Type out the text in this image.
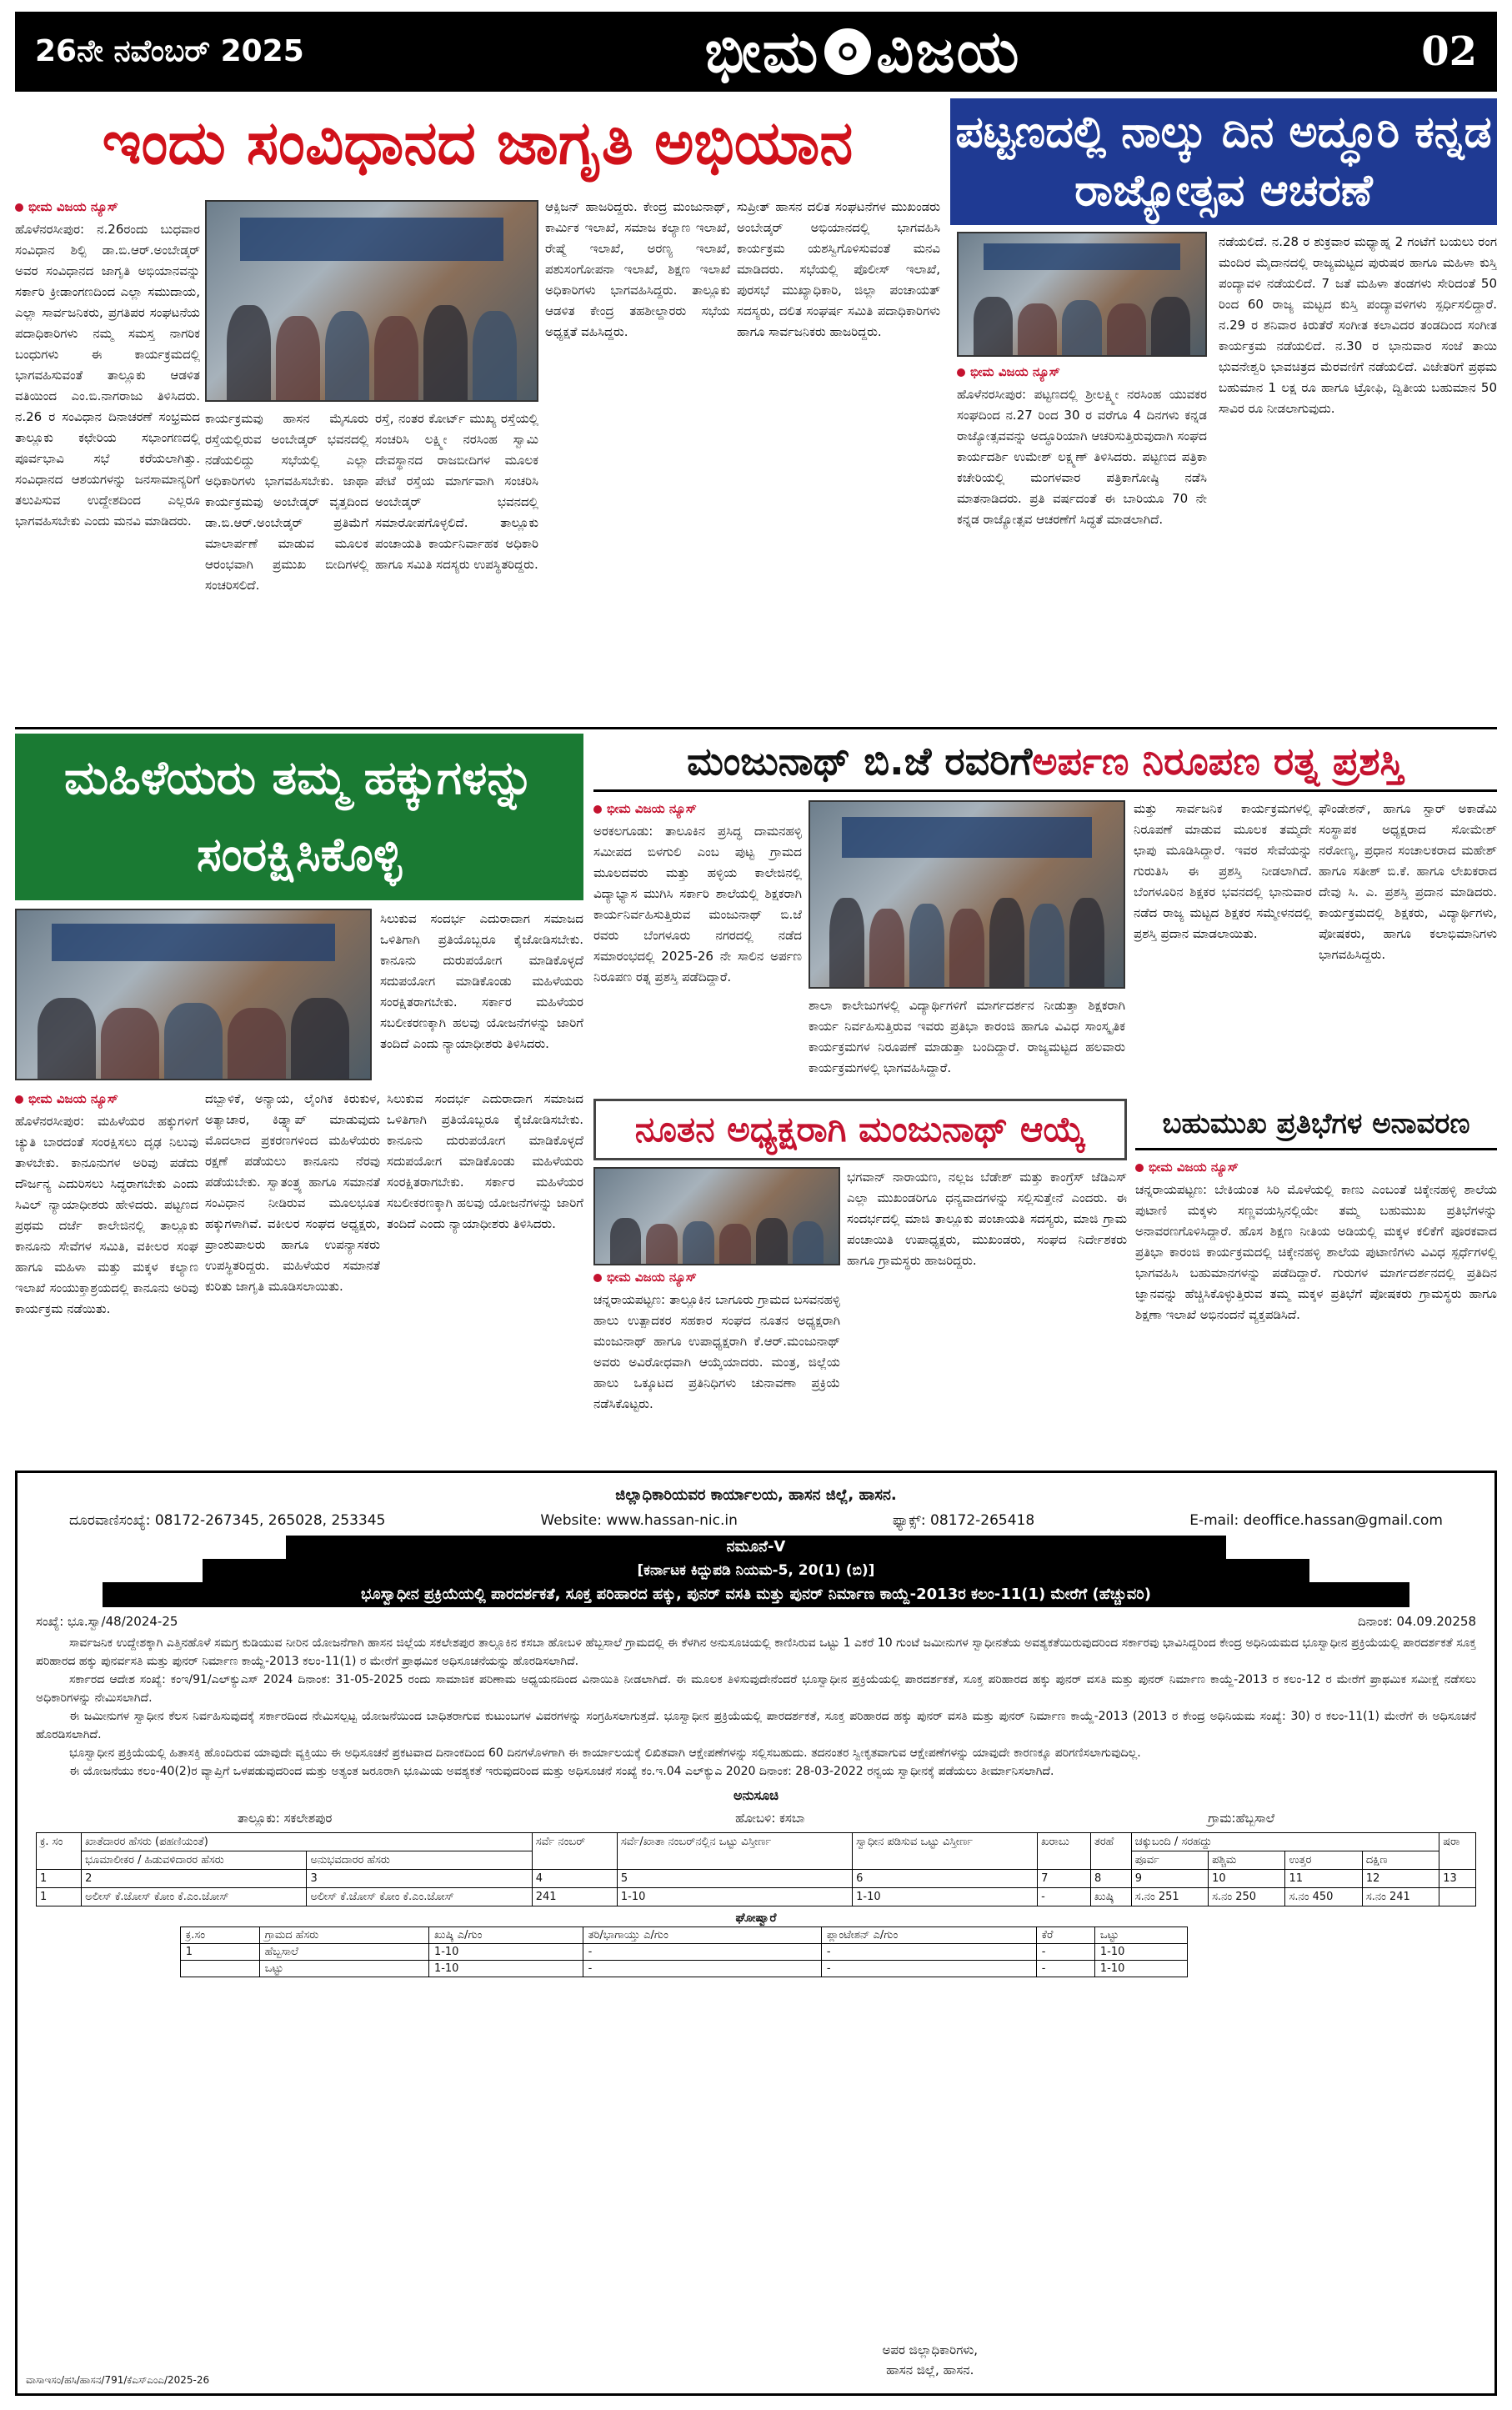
26ನೇ ನವೆಂಬರ್ 2025	ಭೀಮ ವಿಜಯ	02
ಇಂದು ಸಂವಿಧಾನದ ಜಾಗೃತಿ ಅಭಿಯಾನ
ಭೀಮ ವಿಜಯ ನ್ಯೂಸ್
ಹೊಳೆನರಸೀಪುರ: ನ.26ರಂದು ಬುಧವಾರ ಸಂವಿಧಾನ ಶಿಲ್ಪಿ ಡಾ.ಬಿ.ಆರ್.ಅಂಬೇಡ್ಕರ್ ಅವರ ಸಂವಿಧಾನದ ಜಾಗೃತಿ ಅಭಿಯಾನವನ್ನು ಸರ್ಕಾರಿ ಕ್ರೀಡಾಂಗಣದಿಂದ ಎಲ್ಲಾ ಸಮುದಾಯ, ಎಲ್ಲಾ ಸಾರ್ವಜನಿಕರು, ಪ್ರಗತಿಪರ ಸಂಘಟನೆಯ ಪದಾಧಿಕಾರಿಗಳು ನಮ್ಮ ಸಮಸ್ತ ನಾಗರಿಕ ಬಂಧುಗಳು ಈ ಕಾರ್ಯಕ್ರಮದಲ್ಲಿ ಭಾಗವಹಿಸುವಂತೆ ತಾಲ್ಲೂಕು ಆಡಳಿತ ವತಿಯಿಂದ ಎಂ.ಬಿ.ನಾಗರಾಜು ತಿಳಿಸಿದರು. ನ.26 ರ ಸಂವಿಧಾನ ದಿನಾಚರಣೆ ಸಂಭ್ರಮದ ತಾಲ್ಲೂಕು ಕಛೇರಿಯ ಸಭಾಂಗಣದಲ್ಲಿ ಪೂರ್ವಭಾವಿ ಸಭೆ ಕರೆಯಲಾಗಿತ್ತು. ಸಂವಿಧಾನದ ಆಶಯಗಳನ್ನು ಜನಸಾಮಾನ್ಯರಿಗೆ ತಲುಪಿಸುವ ಉದ್ದೇಶದಿಂದ ಎಲ್ಲರೂ ಭಾಗವಹಿಸಬೇಕು ಎಂದು ಮನವಿ ಮಾಡಿದರು.
ಕಾರ್ಯಕ್ರಮವು ಹಾಸನ ಮೈಸೂರು ರಸ್ತೆಯಲ್ಲಿರುವ ಅಂಬೇಡ್ಕರ್ ಭವನದಲ್ಲಿ ನಡೆಯಲಿದ್ದು ಸಭೆಯಲ್ಲಿ ಎಲ್ಲಾ ಅಧಿಕಾರಿಗಳು ಭಾಗವಹಿಸಬೇಕು. ಜಾಥಾ ಕಾರ್ಯಕ್ರಮವು ಅಂಬೇಡ್ಕರ್ ವೃತ್ತದಿಂದ ಡಾ.ಬಿ.ಆರ್.ಅಂಬೇಡ್ಕರ್ ಪ್ರತಿಮೆಗೆ ಮಾಲಾರ್ಪಣೆ ಮಾಡುವ ಮೂಲಕ ಆರಂಭವಾಗಿ ಪ್ರಮುಖ ಬೀದಿಗಳಲ್ಲಿ ಸಂಚರಿಸಲಿದೆ.
ರಸ್ತೆ, ನಂತರ ಕೋರ್ಟ್ ಮುಖ್ಯ ರಸ್ತೆಯಲ್ಲಿ ಸಂಚರಿಸಿ ಲಕ್ಷ್ಮೀ ನರಸಿಂಹ ಸ್ವಾಮಿ ದೇವಸ್ಥಾನದ ರಾಜಬೀದಿಗಳ ಮೂಲಕ ಪೇಟೆ ರಸ್ತೆಯ ಮಾರ್ಗವಾಗಿ ಸಂಚರಿಸಿ ಅಂಬೇಡ್ಕರ್ ಭವನದಲ್ಲಿ ಸಮಾರೋಪಗೊಳ್ಳಲಿದೆ. ತಾಲ್ಲೂಕು ಪಂಚಾಯತಿ ಕಾರ್ಯನಿರ್ವಾಹಕ ಅಧಿಕಾರಿ ಹಾಗೂ ಸಮಿತಿ ಸದಸ್ಯರು ಉಪಸ್ಥಿತರಿದ್ದರು.
ಆಕ್ಸಿಜನ್ ಹಾಜರಿದ್ದರು. ಕೇಂದ್ರ ಮಂಜುನಾಥ್, ಕಾರ್ಮಿಕ ಇಲಾಖೆ, ಸಮಾಜ ಕಲ್ಯಾಣ ಇಲಾಖೆ, ರೇಷ್ಮೆ ಇಲಾಖೆ, ಅರಣ್ಯ ಇಲಾಖೆ, ಪಶುಸಂಗೋಪನಾ ಇಲಾಖೆ, ಶಿಕ್ಷಣ ಇಲಾಖೆ ಅಧಿಕಾರಿಗಳು ಭಾಗವಹಿಸಿದ್ದರು. ತಾಲ್ಲೂಕು ಆಡಳಿತ ಕೇಂದ್ರ ತಹಶೀಲ್ದಾರರು ಸಭೆಯ ಅಧ್ಯಕ್ಷತೆ ವಹಿಸಿದ್ದರು.
ಸುಪ್ರೀತ್ ಹಾಸನ ದಲಿತ ಸಂಘಟನೆಗಳ ಮುಖಂಡರು ಅಂಬೇಡ್ಕರ್ ಅಭಿಯಾನದಲ್ಲಿ ಭಾಗವಹಿಸಿ ಕಾರ್ಯಕ್ರಮ ಯಶಸ್ವಿಗೊಳಿಸುವಂತೆ ಮನವಿ ಮಾಡಿದರು. ಸಭೆಯಲ್ಲಿ ಪೊಲೀಸ್ ಇಲಾಖೆ, ಪುರಸಭೆ ಮುಖ್ಯಾಧಿಕಾರಿ, ಜಿಲ್ಲಾ ಪಂಚಾಯತ್ ಸದಸ್ಯರು, ದಲಿತ ಸಂಘರ್ಷ ಸಮಿತಿ ಪದಾಧಿಕಾರಿಗಳು ಹಾಗೂ ಸಾರ್ವಜನಿಕರು ಹಾಜರಿದ್ದರು.
ಪಟ್ಟಣದಲ್ಲಿ ನಾಲ್ಕು ದಿನ ಅದ್ಧೂರಿ ಕನ್ನಡ ರಾಜ್ಯೋತ್ಸವ ಆಚರಣೆ
ಭೀಮ ವಿಜಯ ನ್ಯೂಸ್
ಹೊಳೆನರಸೀಪುರ: ಪಟ್ಟಣದಲ್ಲಿ ಶ್ರೀಲಕ್ಷ್ಮೀ ನರಸಿಂಹ ಯುವಕರ ಸಂಘದಿಂದ ನ.27 ರಿಂದ 30 ರ ವರೆಗೂ 4 ದಿನಗಳು ಕನ್ನಡ ರಾಜ್ಯೋತ್ಸವವನ್ನು ಅದ್ಧೂರಿಯಾಗಿ ಆಚರಿಸುತ್ತಿರುವುದಾಗಿ ಸಂಘದ ಕಾರ್ಯದರ್ಶಿ ಉಮೇಶ್ ಲಕ್ಷ್ಮಣ್ ತಿಳಿಸಿದರು. ಪಟ್ಟಣದ ಪತ್ರಿಕಾ ಕಚೇರಿಯಲ್ಲಿ ಮಂಗಳವಾರ ಪತ್ರಿಕಾಗೋಷ್ಠಿ ನಡೆಸಿ ಮಾತನಾಡಿದರು. ಪ್ರತಿ ವರ್ಷದಂತೆ ಈ ಬಾರಿಯೂ 70 ನೇ ಕನ್ನಡ ರಾಜ್ಯೋತ್ಸವ ಆಚರಣೆಗೆ ಸಿದ್ಧತೆ ಮಾಡಲಾಗಿದೆ.
ನಡೆಯಲಿದೆ. ನ.28 ರ ಶುಕ್ರವಾರ ಮಧ್ಯಾಹ್ನ 2 ಗಂಟೆಗೆ ಬಯಲು ರಂಗ ಮಂದಿರ ಮೈದಾನದಲ್ಲಿ ರಾಜ್ಯಮಟ್ಟದ ಪುರುಷರ ಹಾಗೂ ಮಹಿಳಾ ಕುಸ್ತಿ ಪಂದ್ಯಾವಳಿ ನಡೆಯಲಿದೆ. 7 ಜತೆ ಮಹಿಳಾ ತಂಡಗಳು ಸೇರಿದಂತೆ 50 ರಿಂದ 60 ರಾಜ್ಯ ಮಟ್ಟದ ಕುಸ್ತಿ ಪಂದ್ಯಾವಳಿಗಳು ಸ್ಪರ್ಧಿಸಲಿದ್ದಾರೆ. ನ.29 ರ ಶನಿವಾರ ಕಿರುತೆರೆ ಸಂಗೀತ ಕಲಾವಿದರ ತಂಡದಿಂದ ಸಂಗೀತ ಕಾರ್ಯಕ್ರಮ ನಡೆಯಲಿದೆ. ನ.30 ರ ಭಾನುವಾರ ಸಂಜೆ ತಾಯಿ ಭುವನೇಶ್ವರಿ ಭಾವಚಿತ್ರದ ಮೆರವಣಿಗೆ ನಡೆಯಲಿದೆ. ವಿಜೇತರಿಗೆ ಪ್ರಥಮ ಬಹುಮಾನ 1 ಲಕ್ಷ ರೂ ಹಾಗೂ ಟ್ರೋಫಿ, ದ್ವಿತೀಯ ಬಹುಮಾನ 50 ಸಾವಿರ ರೂ ನೀಡಲಾಗುವುದು.
ಮಹಿಳೆಯರು ತಮ್ಮ ಹಕ್ಕುಗಳನ್ನು ಸಂರಕ್ಷಿಸಿಕೊಳ್ಳಿ
ಸಿಲುಕುವ ಸಂದರ್ಭ ಎದುರಾದಾಗ ಸಮಾಜದ ಒಳಿತಿಗಾಗಿ ಪ್ರತಿಯೊಬ್ಬರೂ ಕೈಜೋಡಿಸಬೇಕು. ಕಾನೂನು ದುರುಪಯೋಗ ಮಾಡಿಕೊಳ್ಳದೆ ಸದುಪಯೋಗ ಮಾಡಿಕೊಂಡು ಮಹಿಳೆಯರು ಸಂರಕ್ಷಿತರಾಗಬೇಕು. ಸರ್ಕಾರ ಮಹಿಳೆಯರ ಸಬಲೀಕರಣಕ್ಕಾಗಿ ಹಲವು ಯೋಜನೆಗಳನ್ನು ಜಾರಿಗೆ ತಂದಿದೆ ಎಂದು ನ್ಯಾಯಾಧೀಶರು ತಿಳಿಸಿದರು.
ಭೀಮ ವಿಜಯ ನ್ಯೂಸ್
ಹೊಳೆನರಸೀಪುರ: ಮಹಿಳೆಯರ ಹಕ್ಕುಗಳಿಗೆ ಚ್ಯುತಿ ಬಾರದಂತೆ ಸಂರಕ್ಷಿಸಲು ದೃಢ ನಿಲುವು ತಾಳಬೇಕು. ಕಾನೂನುಗಳ ಅರಿವು ಪಡೆದು ದೌರ್ಜನ್ಯ ಎದುರಿಸಲು ಸಿದ್ಧರಾಗಬೇಕು ಎಂದು ಸಿವಿಲ್ ನ್ಯಾಯಾಧೀಶರು ಹೇಳಿದರು. ಪಟ್ಟಣದ ಪ್ರಥಮ ದರ್ಜೆ ಕಾಲೇಜಿನಲ್ಲಿ ತಾಲ್ಲೂಕು ಕಾನೂನು ಸೇವೆಗಳ ಸಮಿತಿ, ವಕೀಲರ ಸಂಘ ಹಾಗೂ ಮಹಿಳಾ ಮತ್ತು ಮಕ್ಕಳ ಕಲ್ಯಾಣ ಇಲಾಖೆ ಸಂಯುಕ್ತಾಶ್ರಯದಲ್ಲಿ ಕಾನೂನು ಅರಿವು ಕಾರ್ಯಕ್ರಮ ನಡೆಯಿತು.
ದಬ್ಬಾಳಿಕೆ, ಅನ್ಯಾಯ, ಲೈಂಗಿಕ ಕಿರುಕುಳ, ಅತ್ಯಾಚಾರ, ಕಿಡ್ನ್ಯಾಪ್ ಮಾಡುವುದು ಮೊದಲಾದ ಪ್ರಕರಣಗಳಿಂದ ಮಹಿಳೆಯರು ರಕ್ಷಣೆ ಪಡೆಯಲು ಕಾನೂನು ನೆರವು ಪಡೆಯಬೇಕು. ಸ್ವಾತಂತ್ರ್ಯ ಹಾಗೂ ಸಮಾನತೆ ಸಂವಿಧಾನ ನೀಡಿರುವ ಮೂಲಭೂತ ಹಕ್ಕುಗಳಾಗಿವೆ. ವಕೀಲರ ಸಂಘದ ಅಧ್ಯಕ್ಷರು, ಪ್ರಾಂಶುಪಾಲರು ಹಾಗೂ ಉಪನ್ಯಾಸಕರು ಉಪಸ್ಥಿತರಿದ್ದರು. ಮಹಿಳೆಯರ ಸಮಾನತೆ ಕುರಿತು ಜಾಗೃತಿ ಮೂಡಿಸಲಾಯಿತು.
ಸಿಲುಕುವ ಸಂದರ್ಭ ಎದುರಾದಾಗ ಸಮಾಜದ ಒಳಿತಿಗಾಗಿ ಪ್ರತಿಯೊಬ್ಬರೂ ಕೈಜೋಡಿಸಬೇಕು. ಕಾನೂನು ದುರುಪಯೋಗ ಮಾಡಿಕೊಳ್ಳದೆ ಸದುಪಯೋಗ ಮಾಡಿಕೊಂಡು ಮಹಿಳೆಯರು ಸಂರಕ್ಷಿತರಾಗಬೇಕು. ಸರ್ಕಾರ ಮಹಿಳೆಯರ ಸಬಲೀಕರಣಕ್ಕಾಗಿ ಹಲವು ಯೋಜನೆಗಳನ್ನು ಜಾರಿಗೆ ತಂದಿದೆ ಎಂದು ನ್ಯಾಯಾಧೀಶರು ತಿಳಿಸಿದರು.
ಮಂಜುನಾಥ್ ಬಿ.ಜೆ ರವರಿಗೆ ಅರ್ಪಣ ನಿರೂಪಣ ರತ್ನ ಪ್ರಶಸ್ತಿ
ಭೀಮ ವಿಜಯ ನ್ಯೂಸ್
ಅರಕಲಗೂಡು: ತಾಲೂಕಿನ ಪ್ರಸಿದ್ಧ ದಾಮನಹಳ್ಳಿ ಸಮೀಪದ ಬಿಳಗುಲಿ ಎಂಬ ಪುಟ್ಟ ಗ್ರಾಮದ ಮೂಲದವರು ಮತ್ತು ಹಳ್ಳಿಯ ಕಾಲೇಜಿನಲ್ಲಿ ವಿದ್ಯಾಭ್ಯಾಸ ಮುಗಿಸಿ ಸರ್ಕಾರಿ ಶಾಲೆಯಲ್ಲಿ ಶಿಕ್ಷಕರಾಗಿ ಕಾರ್ಯನಿರ್ವಹಿಸುತ್ತಿರುವ ಮಂಜುನಾಥ್ ಬಿ.ಜೆ ರವರು ಬೆಂಗಳೂರು ನಗರದಲ್ಲಿ ನಡೆದ ಸಮಾರಂಭದಲ್ಲಿ 2025-26 ನೇ ಸಾಲಿನ ಅರ್ಪಣ ನಿರೂಪಣ ರತ್ನ ಪ್ರಶಸ್ತಿ ಪಡೆದಿದ್ದಾರೆ.
ಶಾಲಾ ಕಾಲೇಜುಗಳಲ್ಲಿ ವಿದ್ಯಾರ್ಥಿಗಳಿಗೆ ಮಾರ್ಗದರ್ಶನ ನೀಡುತ್ತಾ ಶಿಕ್ಷಕರಾಗಿ ಕಾರ್ಯ ನಿರ್ವಹಿಸುತ್ತಿರುವ ಇವರು ಪ್ರತಿಭಾ ಕಾರಂಜಿ ಹಾಗೂ ವಿವಿಧ ಸಾಂಸ್ಕೃತಿಕ ಕಾರ್ಯಕ್ರಮಗಳ ನಿರೂಪಣೆ ಮಾಡುತ್ತಾ ಬಂದಿದ್ದಾರೆ. ರಾಜ್ಯಮಟ್ಟದ ಹಲವಾರು ಕಾರ್ಯಕ್ರಮಗಳಲ್ಲಿ ಭಾಗವಹಿಸಿದ್ದಾರೆ.
ಮತ್ತು ಸಾರ್ವಜನಿಕ ಕಾರ್ಯಕ್ರಮಗಳಲ್ಲಿ ನಿರೂಪಣೆ ಮಾಡುವ ಮೂಲಕ ತಮ್ಮದೇ ಛಾಪು ಮೂಡಿಸಿದ್ದಾರೆ. ಇವರ ಸೇವೆಯನ್ನು ಗುರುತಿಸಿ ಈ ಪ್ರಶಸ್ತಿ ನೀಡಲಾಗಿದೆ. ಬೆಂಗಳೂರಿನ ಶಿಕ್ಷಕರ ಭವನದಲ್ಲಿ ಭಾನುವಾರ ನಡೆದ ರಾಜ್ಯ ಮಟ್ಟದ ಶಿಕ್ಷಕರ ಸಮ್ಮೇಳನದಲ್ಲಿ ಪ್ರಶಸ್ತಿ ಪ್ರದಾನ ಮಾಡಲಾಯಿತು.
ಫೌಂಡೇಶನ್, ಹಾಗೂ ಸ್ಟಾರ್ ಅಕಾಡೆಮಿ ಸಂಸ್ಥಾಪಕ ಅಧ್ಯಕ್ಷರಾದ ಸೋಮೇಶ್ ನರೋಣ್ಯ, ಪ್ರಧಾನ ಸಂಚಾಲಕರಾದ ಮಹೇಶ್ ಹಾಗೂ ಸತೀಶ್ ಬಿ.ಕೆ. ಹಾಗೂ ಲೇಖಕರಾದ ದೇವು ಸಿ. ಎ. ಪ್ರಶಸ್ತಿ ಪ್ರದಾನ ಮಾಡಿದರು. ಕಾರ್ಯಕ್ರಮದಲ್ಲಿ ಶಿಕ್ಷಕರು, ವಿದ್ಯಾರ್ಥಿಗಳು, ಪೋಷಕರು, ಹಾಗೂ ಕಲಾಭಿಮಾನಿಗಳು ಭಾಗವಹಿಸಿದ್ದರು.
ನೂತನ ಅಧ್ಯಕ್ಷರಾಗಿ ಮಂಜುನಾಥ್ ಆಯ್ಕೆ
ಭೀಮ ವಿಜಯ ನ್ಯೂಸ್
ಚನ್ನರಾಯಪಟ್ಟಣ: ತಾಲ್ಲೂಕಿನ ಬಾಗೂರು ಗ್ರಾಮದ ಬಸವನಹಳ್ಳಿ ಹಾಲು ಉತ್ಪಾದಕರ ಸಹಕಾರ ಸಂಘದ ನೂತನ ಅಧ್ಯಕ್ಷರಾಗಿ ಮಂಜುನಾಥ್ ಹಾಗೂ ಉಪಾಧ್ಯಕ್ಷರಾಗಿ ಕೆ.ಆರ್.ಮಂಜುನಾಥ್ ಅವರು ಅವಿರೋಧವಾಗಿ ಆಯ್ಕೆಯಾದರು. ಮಂತ್ರ, ಜಿಲ್ಲೆಯ ಹಾಲು ಒಕ್ಕೂಟದ ಪ್ರತಿನಿಧಿಗಳು ಚುನಾವಣಾ ಪ್ರಕ್ರಿಯೆ ನಡೆಸಿಕೊಟ್ಟರು.
ಭಗವಾನ್ ನಾರಾಯಣ, ನಲ್ಲಜ ಬೆಡೇಶ್ ಮತ್ತು ಕಾಂಗ್ರೆಸ್ ಜೆಡಿಎಸ್ ಎಲ್ಲಾ ಮುಖಂಡರಿಗೂ ಧನ್ಯವಾದಗಳನ್ನು ಸಲ್ಲಿಸುತ್ತೇನೆ ಎಂದರು. ಈ ಸಂದರ್ಭದಲ್ಲಿ ಮಾಜಿ ತಾಲ್ಲೂಕು ಪಂಚಾಯತಿ ಸದಸ್ಯರು, ಮಾಜಿ ಗ್ರಾಮ ಪಂಚಾಯಿತಿ ಉಪಾಧ್ಯಕ್ಷರು, ಮುಖಂಡರು, ಸಂಘದ ನಿರ್ದೇಶಕರು ಹಾಗೂ ಗ್ರಾಮಸ್ಥರು ಹಾಜರಿದ್ದರು.
ಬಹುಮುಖ ಪ್ರತಿಭೆಗಳ ಅನಾವರಣ
ಭೀಮ ವಿಜಯ ನ್ಯೂಸ್
ಚನ್ನರಾಯಪಟ್ಟಣ: ಬೇಕಿಯಂತ ಸಿರಿ ಮೊಳೆಯಲ್ಲಿ ಕಾಣು ಎಂಬಂತೆ ಚಿಕ್ಕೇನಹಳ್ಳಿ ಶಾಲೆಯ ಪುಟಾಣಿ ಮಕ್ಕಳು ಸಣ್ಣವಯಸ್ಸಿನಲ್ಲಿಯೇ ತಮ್ಮ ಬಹುಮುಖ ಪ್ರತಿಭೆಗಳನ್ನು ಅನಾವರಣಗೊಳಿಸಿದ್ದಾರೆ. ಹೊಸ ಶಿಕ್ಷಣ ನೀತಿಯ ಅಡಿಯಲ್ಲಿ ಮಕ್ಕಳ ಕಲಿಕೆಗೆ ಪೂರಕವಾದ ಪ್ರತಿಭಾ ಕಾರಂಜಿ ಕಾರ್ಯಕ್ರಮದಲ್ಲಿ ಚಿಕ್ಕೇನಹಳ್ಳಿ ಶಾಲೆಯ ಪುಟಾಣಿಗಳು ವಿವಿಧ ಸ್ಪರ್ಧೆಗಳಲ್ಲಿ ಭಾಗವಹಿಸಿ ಬಹುಮಾನಗಳನ್ನು ಪಡೆದಿದ್ದಾರೆ. ಗುರುಗಳ ಮಾರ್ಗದರ್ಶನದಲ್ಲಿ ಪ್ರತಿದಿನ ಜ್ಞಾನವನ್ನು ಹೆಚ್ಚಿಸಿಕೊಳ್ಳುತ್ತಿರುವ ತಮ್ಮ ಮಕ್ಕಳ ಪ್ರತಿಭೆಗೆ ಪೋಷಕರು ಗ್ರಾಮಸ್ಥರು ಹಾಗೂ ಶಿಕ್ಷಣಾ ಇಲಾಖೆ ಅಭಿನಂದನೆ ವ್ಯಕ್ತಪಡಿಸಿದೆ.
ಜಿಲ್ಲಾಧಿಕಾರಿಯವರ ಕಾರ್ಯಾಲಯ, ಹಾಸನ ಜಿಲ್ಲೆ, ಹಾಸನ.
ದೂರವಾಣಿಸಂಖ್ಯೆ: 08172-267345, 265028, 253345	Website: www.hassan-nic.in	ಫ್ಯಾಕ್ಸ್: 08172-265418	E-mail: deoffice.hassan@gmail.com
ನಮೂನೆ-V
[ಕರ್ನಾಟಕ ಕಿದ್ಬುಪಡಿ ನಿಯಮ-5, 20(1) (ಬಿ)]
ಭೂಸ್ವಾಧೀನ ಪ್ರಕ್ರಿಯೆಯಲ್ಲಿ ಪಾರದರ್ಶಕತೆ, ಸೂಕ್ತ ಪರಿಹಾರದ ಹಕ್ಕು, ಪುನರ್ ವಸತಿ ಮತ್ತು ಪುನರ್ ನಿರ್ಮಾಣ ಕಾಯ್ದೆ-2013ರ ಕಲಂ-11(1) ಮೇರೆಗೆ (ಹೆಚ್ಚುವರಿ)
ಸಂಖ್ಯೆ: ಭೂ.ಸ್ವಾ/48/2024-25	ದಿನಾಂಕ: 04.09.20258

ಸಾರ್ವಜನಿಕ ಉದ್ದೇಶಕ್ಕಾಗಿ ಎತ್ತಿನಹೊಳೆ ಸಮಗ್ರ ಕುಡಿಯುವ ನೀರಿನ ಯೋಜನೆಗಾಗಿ ಹಾಸನ ಜಿಲ್ಲೆಯ ಸಕಲೇಶಪುರ ತಾಲ್ಲೂಕಿನ ಕಸಬಾ ಹೋಬಳಿ ಹೆಬ್ಬಸಾಲೆ ಗ್ರಾಮದಲ್ಲಿ ಈ ಕೆಳಗಿನ ಅನುಸೂಚಿಯಲ್ಲಿ ಕಾಣಿಸಿರುವ ಒಟ್ಟು 1 ಎಕರೆ 10 ಗುಂಟೆ ಜಮೀನುಗಳ ಸ್ವಾಧೀನತೆಯ ಅವಶ್ಯಕತೆಯಿರುವುದರಿಂದ ಸರ್ಕಾರವು ಭಾವಿಸಿದ್ದರಿಂದ ಕೇಂದ್ರ ಅಧಿನಿಯಮದ ಭೂಸ್ವಾಧೀನ ಪ್ರಕ್ರಿಯೆಯಲ್ಲಿ ಪಾರದರ್ಶಕತೆ ಸೂಕ್ತ ಪರಿಹಾರದ ಹಕ್ಕು ಪುನರ್ವಸತಿ ಮತ್ತು ಪುನರ್ ನಿರ್ಮಾಣ ಕಾಯ್ದೆ-2013 ಕಲಂ-11(1) ರ ಮೇರೆಗೆ ಪ್ರಾಥಮಿಕ ಅಧಿಸೂಚನೆಯನ್ನು ಹೊರಡಿಸಲಾಗಿದೆ.

ಸರ್ಕಾರದ ಆದೇಶ ಸಂಖ್ಯೆ: ಕಂಇ/91/ಎಲ್‌ಕ್ಯುಎಸ್ 2024 ದಿನಾಂಕ: 31-05-2025 ರಂದು ಸಾಮಾಜಿಕ ಪರಿಣಾಮ ಅಧ್ಯಯನದಿಂದ ವಿನಾಯಿತಿ ನೀಡಲಾಗಿದೆ. ಈ ಮೂಲಕ ತಿಳಿಸುವುದೇನೆಂದರೆ ಭೂಸ್ವಾಧೀನ ಪ್ರಕ್ರಿಯೆಯಲ್ಲಿ ಪಾರದರ್ಶಕತೆ, ಸೂಕ್ತ ಪರಿಹಾರದ ಹಕ್ಕು ಪುನರ್ ವಸತಿ ಮತ್ತು ಪುನರ್ ನಿರ್ಮಾಣ ಕಾಯ್ದೆ-2013 ರ ಕಲಂ-12 ರ ಮೇರೆಗೆ ಪ್ರಾಥಮಿಕ ಸಮೀಕ್ಷೆ ನಡೆಸಲು ಅಧಿಕಾರಿಗಳನ್ನು ನೇಮಿಸಲಾಗಿದೆ.

ಈ ಜಮೀನುಗಳ ಸ್ವಾಧೀನ ಕೆಲಸ ನಿರ್ವಹಿಸುವುದಕ್ಕೆ ಸರ್ಕಾರದಿಂದ ನೇಮಿಸಲ್ಪಟ್ಟ ಯೋಜನೆಯಿಂದ ಬಾಧಿತರಾಗುವ ಕುಟುಂಬಗಳ ವಿವರಗಳನ್ನು ಸಂಗ್ರಹಿಸಲಾಗುತ್ತದೆ. ಭೂಸ್ವಾಧೀನ ಪ್ರಕ್ರಿಯೆಯಲ್ಲಿ ಪಾರದರ್ಶಕತೆ, ಸೂಕ್ತ ಪರಿಹಾರದ ಹಕ್ಕು ಪುನರ್ ವಸತಿ ಮತ್ತು ಪುನರ್ ನಿರ್ಮಾಣ ಕಾಯ್ದೆ-2013 (2013 ರ ಕೇಂದ್ರ ಅಧಿನಿಯಮ ಸಂಖ್ಯೆ: 30) ರ ಕಲಂ-11(1) ಮೇರೆಗೆ ಈ ಅಧಿಸೂಚನೆ ಹೊರಡಿಸಲಾಗಿದೆ.

ಭೂಸ್ವಾಧೀನ ಪ್ರಕ್ರಿಯೆಯಲ್ಲಿ ಹಿತಾಸಕ್ತಿ ಹೊಂದಿರುವ ಯಾವುದೇ ವ್ಯಕ್ತಿಯು ಈ ಅಧಿಸೂಚನೆ ಪ್ರಕಟವಾದ ದಿನಾಂಕದಿಂದ 60 ದಿನಗಳೊಳಗಾಗಿ ಈ ಕಾರ್ಯಾಲಯಕ್ಕೆ ಲಿಖಿತವಾಗಿ ಆಕ್ಷೇಪಣೆಗಳನ್ನು ಸಲ್ಲಿಸಬಹುದು. ತದನಂತರ ಸ್ವೀಕೃತವಾಗುವ ಆಕ್ಷೇಪಣೆಗಳನ್ನು ಯಾವುದೇ ಕಾರಣಕ್ಕೂ ಪರಿಗಣಿಸಲಾಗುವುದಿಲ್ಲ.

ಈ ಯೋಜನೆಯು ಕಲಂ-40(2)ರ ವ್ಯಾಪ್ತಿಗೆ ಒಳಪಡುವುದರಿಂದ ಮತ್ತು ಅತ್ಯಂತ ಜರೂರಾಗಿ ಭೂಮಿಯ ಅವಶ್ಯಕತೆ ಇರುವುದರಿಂದ ಮತ್ತು ಅಧಿಸೂಚನೆ ಸಂಖ್ಯೆ ಕಂ.ಇ.04 ಎಲ್‌ಕ್ಯುಎ 2020 ದಿನಾಂಕ: 28-03-2022 ರನ್ವಯ ಸ್ವಾಧೀನಕ್ಕೆ ಪಡೆಯಲು ತೀರ್ಮಾನಿಸಲಾಗಿದೆ.

ಅನುಸೂಚಿ
ತಾಲ್ಲೂಕು: ಸಕಲೇಶಪುರ	ಹೋಬಳಿ: ಕಸಬಾ	ಗ್ರಾಮ:ಹೆಬ್ಬಸಾಲೆ
ಕ್ರ. ಸಂ	ಖಾತೆದಾರರ ಹೆಸರು (ಪಹಣಿಯಂತೆ)		ಸರ್ವೆ ನಂಬರ್	ಸರ್ವೆ/ಖಾತಾ ನಂಬರ್‌ನಲ್ಲಿನ ಒಟ್ಟು ವಿಸ್ತೀರ್ಣ	ಸ್ವಾಧೀನ ಪಡಿಸುವ ಒಟ್ಟು ವಿಸ್ತೀರ್ಣ	ಖರಾಬು	ತರಹೆ	ಚಕ್ಕುಬಂದಿ / ಸರಹದ್ದು				ಷರಾ
	ಭೂಮಾಲೀಕರ / ಹಿಡುವಳಿದಾರರ ಹೆಸರು	ಅನುಭವದಾರರ ಹೆಸರು						ಪೂರ್ವ	ಪಶ್ಚಿಮ	ಉತ್ತರ	ದಕ್ಷಿಣ	
1	2	3	4	5	6	7	8	9	10	11	12	13
1	ಅಲೀಸ್ ಕೆ.ಜೋಸ್ ಕೋಂ ಕೆ.ಎಂ.ಜೋಸ್	ಅಲೀಸ್ ಕೆ.ಜೋಸ್ ಕೋಂ ಕೆ.ಎಂ.ಜೋಸ್	241	1-10	1-10	-	ಖುಷ್ಕಿ	ಸ.ನಂ 251	ಸ.ನಂ 250	ಸ.ನಂ 450	ಸ.ನಂ 241	
ಘೋಷ್ವಾರೆ
ಕ್ರ.ಸಂ	ಗ್ರಾಮದ ಹೆಸರು	ಖುಷ್ಕಿ ಎ/ಗುಂ	ತರಿ/ಭಾಗಾಯ್ತು ಎ/ಗುಂ	ಪ್ಲಾಂಟೇಶನ್ ಎ/ಗುಂ	ಕೆರೆ	ಒಟ್ಟು
1	ಹೆಬ್ಬಸಾಲೆ	1-10	-	-	-	1-10
	ಒಟ್ಟು	1-10	-	-	-	1-10
ಅಪರ ಜಿಲ್ಲಾಧಿಕಾರಿಗಳು,
ಹಾಸನ ಜಿಲ್ಲೆ, ಹಾಸನ.
ವಾಸಾಇಸಂ/ಹಸಿ/ಹಾಸನ/791/ಕೆಎಸ್‌ಎಂಎ/2025-26
